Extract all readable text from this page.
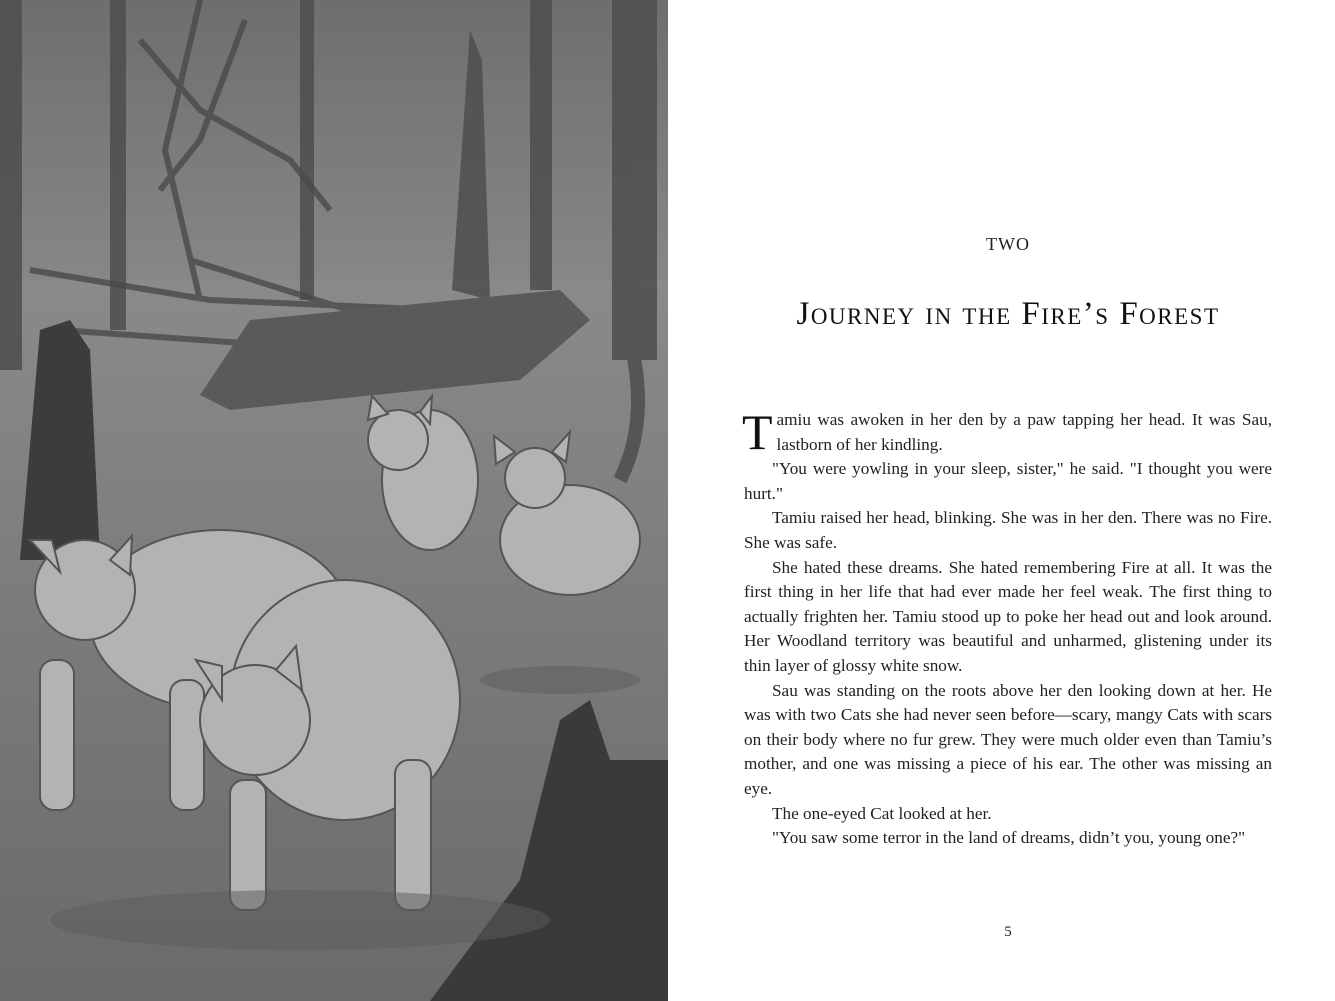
TWO
Journey in the Fire’s Forest

Tamiu was awoken in her den by a paw tapping her head. It was Sau, lastborn of her kindling.

"You were yowling in your sleep, sister," he said. "I thought you were hurt."

Tamiu raised her head, blinking. She was in her den. There was no Fire. She was safe.

She hated these dreams. She hated remembering Fire at all. It was the first thing in her life that had ever made her feel weak. The first thing to actually frighten her. Tamiu stood up to poke her head out and look around. Her Woodland territory was beautiful and unharmed, glistening under its thin layer of glossy white snow.

Sau was standing on the roots above her den looking down at her. He was with two Cats she had never seen before—scary, mangy Cats with scars on their body where no fur grew. They were much older even than Tamiu’s mother, and one was missing a piece of his ear. The other was missing an eye.

The one-eyed Cat looked at her.

"You saw some terror in the land of dreams, didn’t you, young one?"

5
